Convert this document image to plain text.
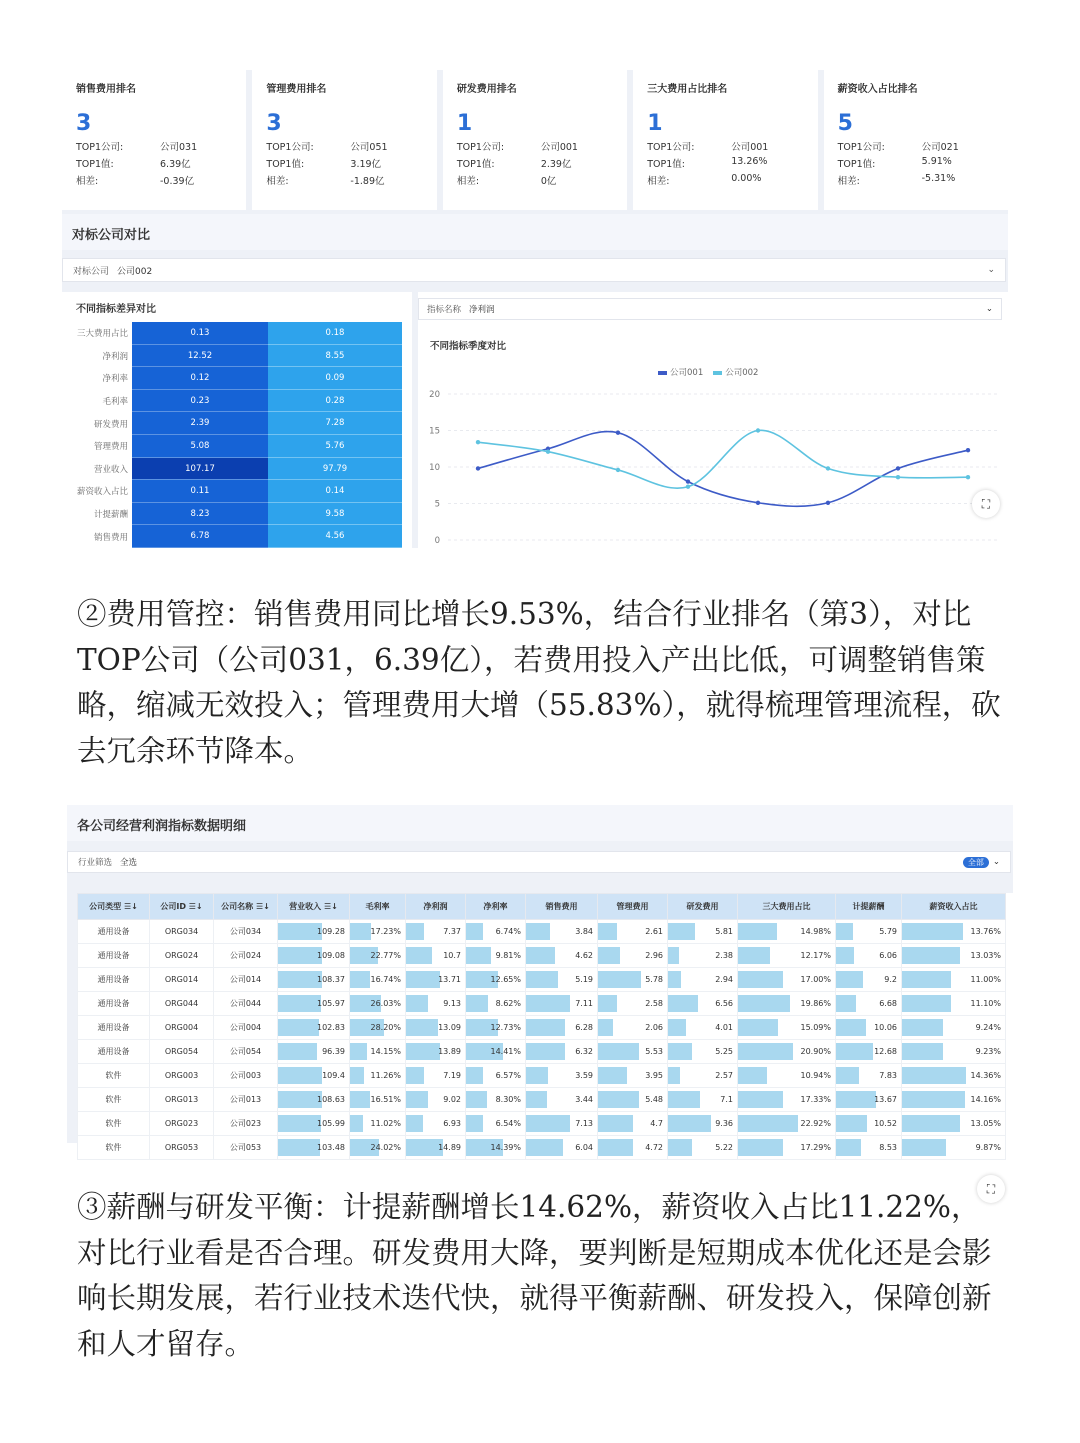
销售费用排名
3
TOP1公司:	公司031
TOP1值:	6.39亿
相差:	-0.39亿
管理费用排名
3
TOP1公司:	公司051
TOP1值:	3.19亿
相差:	-1.89亿
研发费用排名
1
TOP1公司:	公司001
TOP1值:	2.39亿
相差:	0亿
三大费用占比排名
1
TOP1公司:	公司001
TOP1值:	13.26%
相差:	0.00%
薪资收入占比排名
5
TOP1公司:	公司021
TOP1值:	5.91%
相差:	-5.31%
对标公司对比
对标公司 公司002	⌄
不同指标差异对比
三大费用占比	0.13	0.18
净利润	12.52	8.55
净利率	0.12	0.09
毛利率	0.23	0.28
研发费用	2.39	7.28
管理费用	5.08	5.76
营业收入	107.17	97.79
薪资收入占比	0.11	0.14
计提薪酬	8.23	9.58
销售费用	6.78	4.56
指标名称 净利润	⌄
不同指标季度对比
公司001	公司002
0
5
10
15
20
⛶

②费用管控：销售费用同比增长9.53%，结合行业排名（第3），对比TOP公司（公司031，6.39亿），若费用投入产出比低，可调整销售策略，缩减无效投入；管理费用大增（55.83%），就得梳理管理流程，砍去冗余环节降本。

各公司经营利润指标数据明细
行业筛选 全选	全部	⌄
公司类型 ☰↓	公司ID ☰↓	公司名称 ☰↓	营业收入 ☰↓	毛利率	净利润	净利率	销售费用	管理费用	研发费用	三大费用占比	计提薪酬	薪资收入占比
通用设备	ORG034	公司034	109.28	17.23%	7.37	6.74%	3.84	2.61	5.81	14.98%	5.79	13.76%
通用设备	ORG024	公司024	109.08	22.77%	10.7	9.81%	4.62	2.96	2.38	12.17%	6.06	13.03%
通用设备	ORG014	公司014	108.37	16.74%	13.71	12.65%	5.19	5.78	2.94	17.00%	9.2	11.00%
通用设备	ORG044	公司044	105.97	26.03%	9.13	8.62%	7.11	2.58	6.56	19.86%	6.68	11.10%
通用设备	ORG004	公司004	102.83	28.20%	13.09	12.73%	6.28	2.06	4.01	15.09%	10.06	9.24%
通用设备	ORG054	公司054	96.39	14.15%	13.89	14.41%	6.32	5.53	5.25	20.90%	12.68	9.23%
软件	ORG003	公司003	109.4	11.26%	7.19	6.57%	3.59	3.95	2.57	10.94%	7.83	14.36%
软件	ORG013	公司013	108.63	16.51%	9.02	8.30%	3.44	5.48	7.1	17.33%	13.67	14.16%
软件	ORG023	公司023	105.99	11.02%	6.93	6.54%	7.13	4.7	9.36	22.92%	10.52	13.05%
软件	ORG053	公司053	103.48	24.02%	14.89	14.39%	6.04	4.72	5.22	17.29%	8.53	9.87%
⛶

③薪酬与研发平衡：计提薪酬增长14.62%，薪资收入占比11.22%，对比行业看是否合理。研发费用大降，要判断是短期成本优化还是会影响长期发展，若行业技术迭代快，就得平衡薪酬、研发投入，保障创新和人才留存。
